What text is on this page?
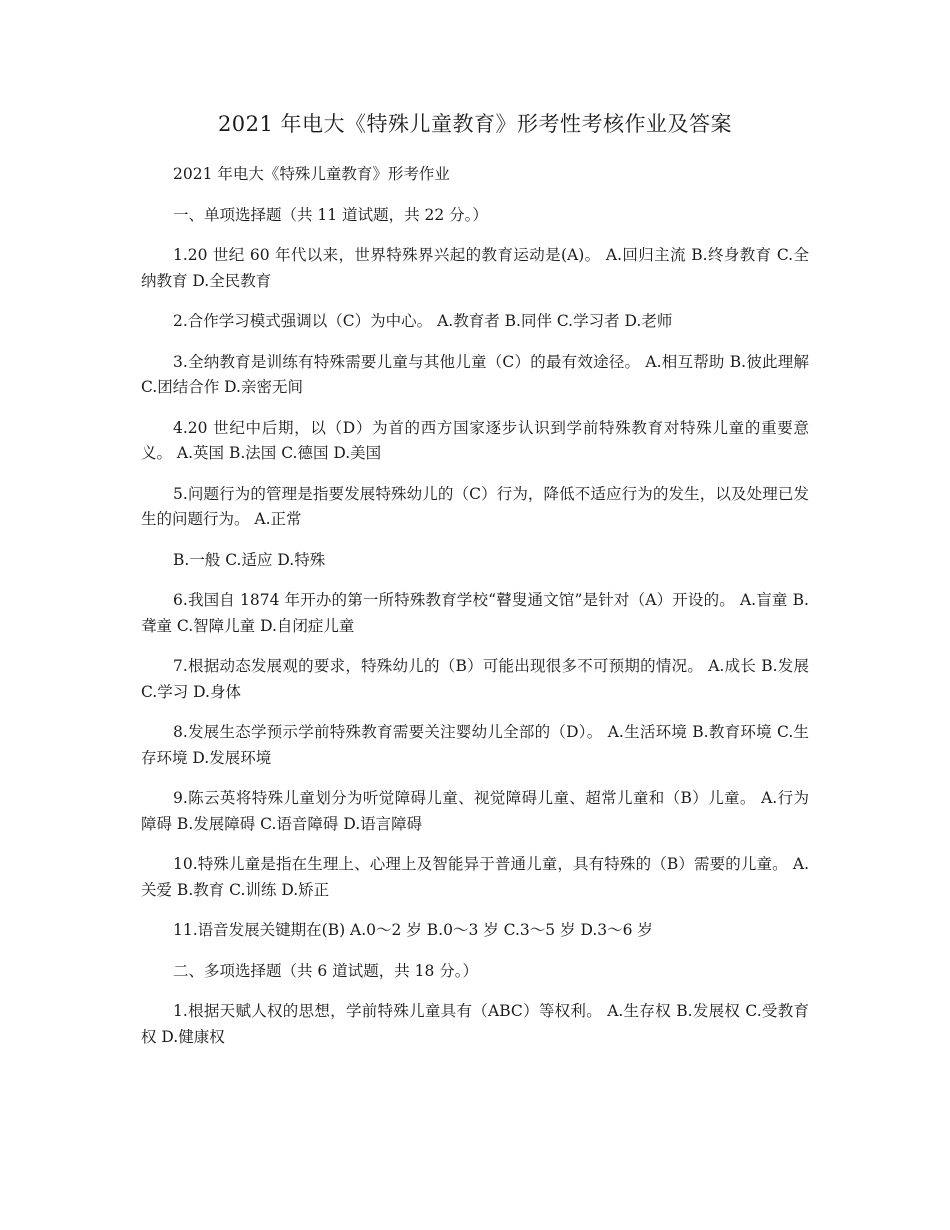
2021 年电大《特殊儿童教育》形考性考核作业及答案

2021 年电大《特殊儿童教育》形考作业

一、单项选择题（共 11 道试题，共 22 分。）

1.20 世纪 60 年代以来，世界特殊界兴起的教育运动是(A)。 A.回归主流 B.终身教育 C.全纳教育 D.全民教育

2.合作学习模式强调以（C）为中心。 A.教育者 B.同伴 C.学习者 D.老师

3.全纳教育是训练有特殊需要儿童与其他儿童（C）的最有效途径。 A.相互帮助 B.彼此理解 C.团结合作 D.亲密无间

4.20 世纪中后期，以（D）为首的西方国家逐步认识到学前特殊教育对特殊儿童的重要意义。 A.英国 B.法国 C.德国 D.美国

5.问题行为的管理是指要发展特殊幼儿的（C）行为，降低不适应行为的发生，以及处理已发生的问题行为。 A.正常

B.一般 C.适应 D.特殊

6.我国自 1874 年开办的第一所特殊教育学校“瞽叟通文馆”是针对（A）开设的。 A.盲童 B.聋童 C.智障儿童 D.自闭症儿童

7.根据动态发展观的要求，特殊幼儿的（B）可能出现很多不可预期的情况。 A.成长 B.发展 C.学习 D.身体

8.发展生态学预示学前特殊教育需要关注婴幼儿全部的（D）。 A.生活环境 B.教育环境 C.生存环境 D.发展环境

9.陈云英将特殊儿童划分为听觉障碍儿童、视觉障碍儿童、超常儿童和（B）儿童。 A.行为障碍 B.发展障碍 C.语音障碍 D.语言障碍

10.特殊儿童是指在生理上、心理上及智能异于普通儿童，具有特殊的（B）需要的儿童。 A.关爱 B.教育 C.训练 D.矫正

11.语音发展关键期在(B) A.0～2 岁 B.0～3 岁 C.3～5 岁 D.3～6 岁

二、多项选择题（共 6 道试题，共 18 分。）

1.根据天赋人权的思想，学前特殊儿童具有（ABC）等权利。 A.生存权 B.发展权 C.受教育权 D.健康权
